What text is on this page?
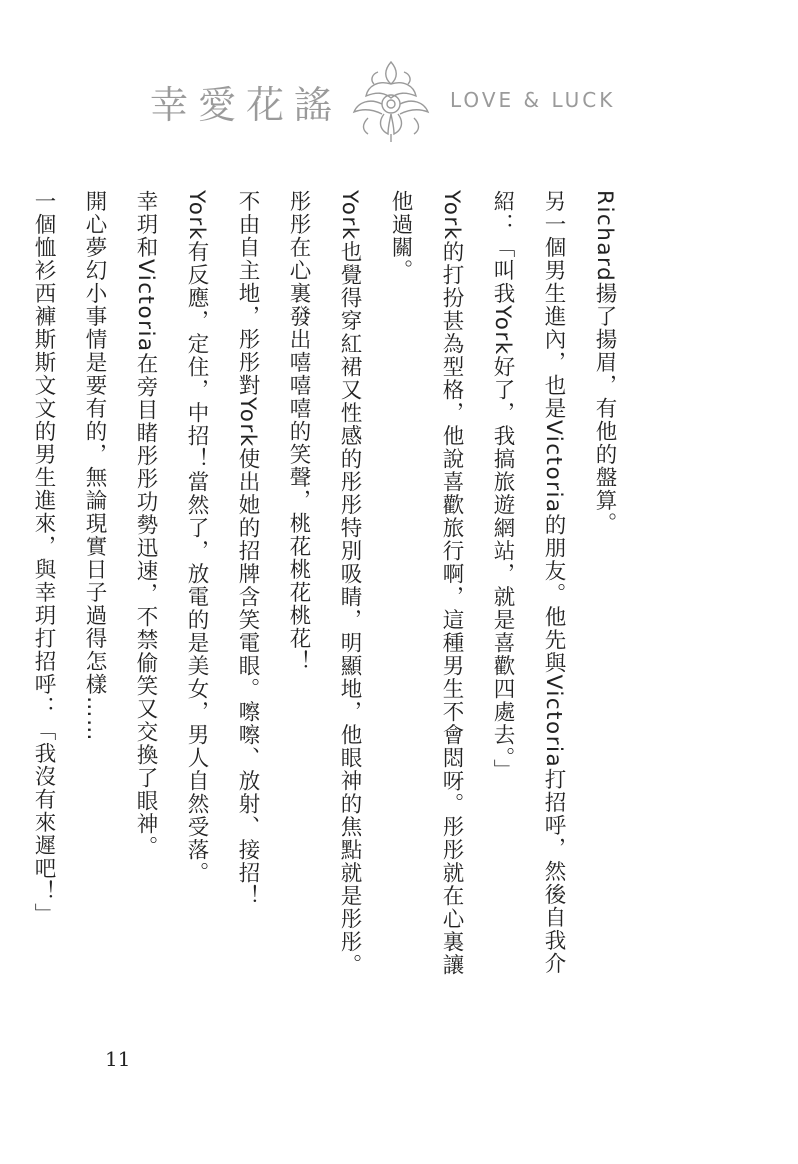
幸愛花謠	LOVE & LUCK

Richard揚了揚眉，有他的盤算。

另一個男生進內，也是Victoria的朋友。他先與Victoria打招呼，然後自我介紹：「叫我York好了，我搞旅遊網站，就是喜歡四處去。」

York的打扮甚為型格，他說喜歡旅行啊，這種男生不會悶呀。彤彤就在心裏讓他過關。

York也覺得穿紅裙又性感的彤彤特別吸睛，明顯地，他眼神的焦點就是彤彤。

彤彤在心裏發出嘻嘻嘻的笑聲，桃花桃花桃花！

不由自主地，彤彤對York使出她的招牌含笑電眼。嚓嚓、放射、接招！

York有反應，定住，中招！當然了，放電的是美女，男人自然受落。

幸玥和Victoria在旁目睹彤彤功勢迅速，不禁偷笑又交換了眼神。

開心夢幻小事情是要有的，無論現實日子過得怎樣……

一個恤衫西褲斯斯文文的男生進來，與幸玥打招呼：「我沒有來遲吧！」

11
